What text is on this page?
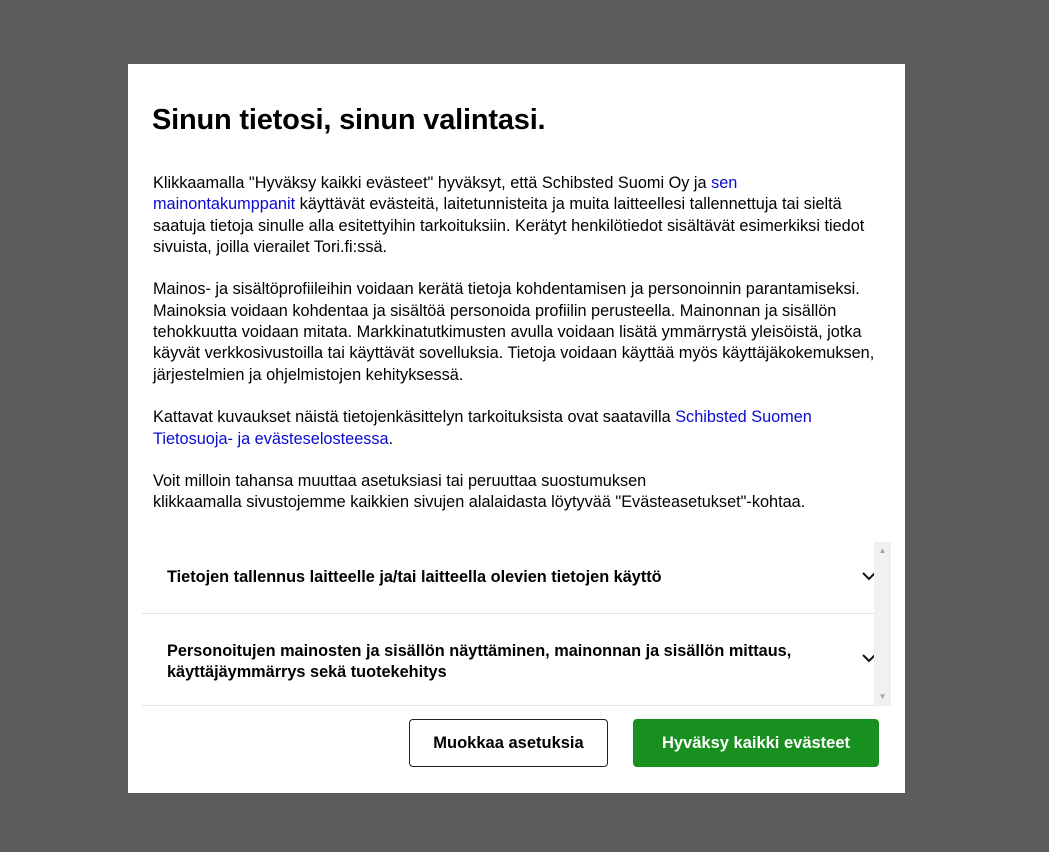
Sinun tietosi, sinun valintasi.

Klikkaamalla "Hyväksy kaikki evästeet" hyväksyt, että Schibsted Suomi Oy ja sen mainontakumppanit käyttävät evästeitä, laitetunnisteita ja muita laitteellesi tallennettuja tai sieltä saatuja tietoja sinulle alla esitettyihin tarkoituksiin. Kerätyt henkilötiedot sisältävät esimerkiksi tiedot sivuista, joilla vierailet Tori.fi:ssä.

Mainos- ja sisältöprofiileihin voidaan kerätä tietoja kohdentamisen ja personoinnin parantamiseksi. Mainoksia voidaan kohdentaa ja sisältöä personoida profiilin perusteella. Mainonnan ja sisällön tehokkuutta voidaan mitata. Markkinatutkimusten avulla voidaan lisätä ymmärrystä yleisöistä, jotka käyvät verkkosivustoilla tai käyttävät sovelluksia. Tietoja voidaan käyttää myös käyttäjäkokemuksen, järjestelmien ja ohjelmistojen kehityksessä.

Kattavat kuvaukset näistä tietojenkäsittelyn tarkoituksista ovat saatavilla Schibsted Suomen Tietosuoja- ja evästeselosteessa.

Voit milloin tahansa muuttaa asetuksiasi tai peruuttaa suostumuksen
klikkaamalla sivustojemme kaikkien sivujen alalaidasta löytyvää "Evästeasetukset"-kohtaa.

Tietojen tallennus laitteelle ja/tai laitteella olevien tietojen käyttö
Personoitujen mainosten ja sisällön näyttäminen, mainonnan ja sisällön mittaus, käyttäjäymmärrys sekä tuotekehitys
▲
▼
Muokkaa asetuksia	Hyväksy kaikki evästeet
